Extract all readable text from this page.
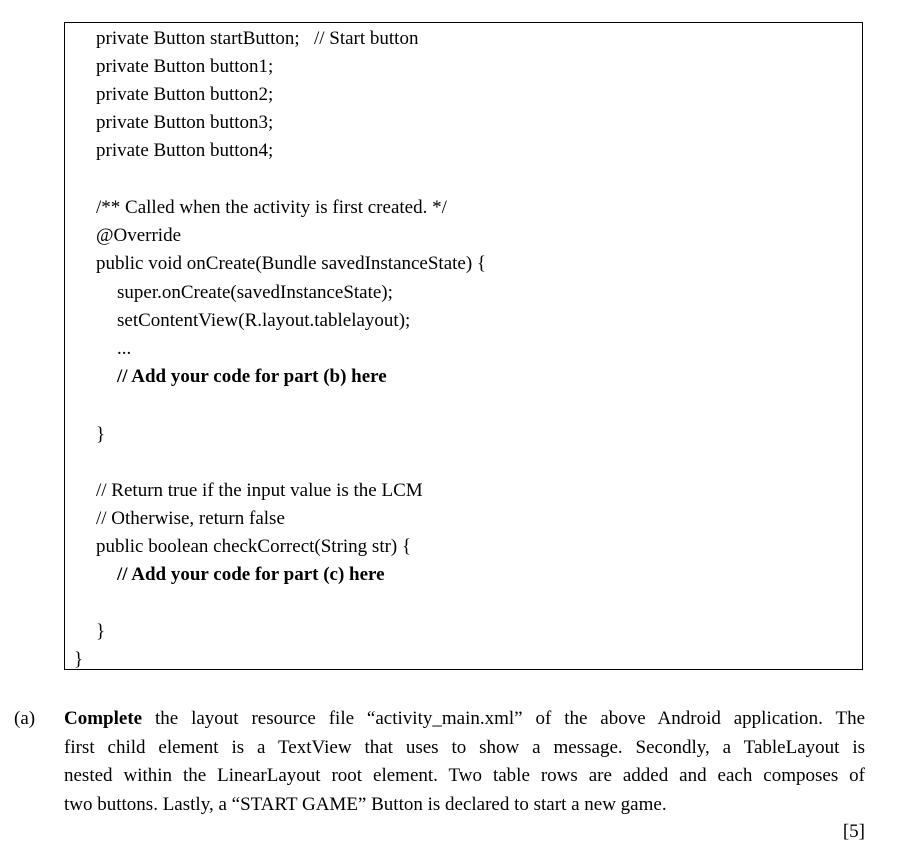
private Button startButton;   // Start button
private Button button1;
private Button button2;
private Button button3;
private Button button4;
/** Called when the activity is first created. */
@Override
public void onCreate(Bundle savedInstanceState) {
super.onCreate(savedInstanceState);
setContentView(R.layout.tablelayout);
...
// Add your code for part (b) here
}
// Return true if the input value is the LCM
// Otherwise, return false
public boolean checkCorrect(String str) {
// Add your code for part (c) here
}
}
(a) Complete the layout resource file “activity_main.xml” of the above Android application. The
first child element is a TextView that uses to show a message. Secondly, a TableLayout is
nested within the LinearLayout root element. Two table rows are added and each composes of
two buttons. Lastly, a “START GAME” Button is declared to start a new game.
[5]
